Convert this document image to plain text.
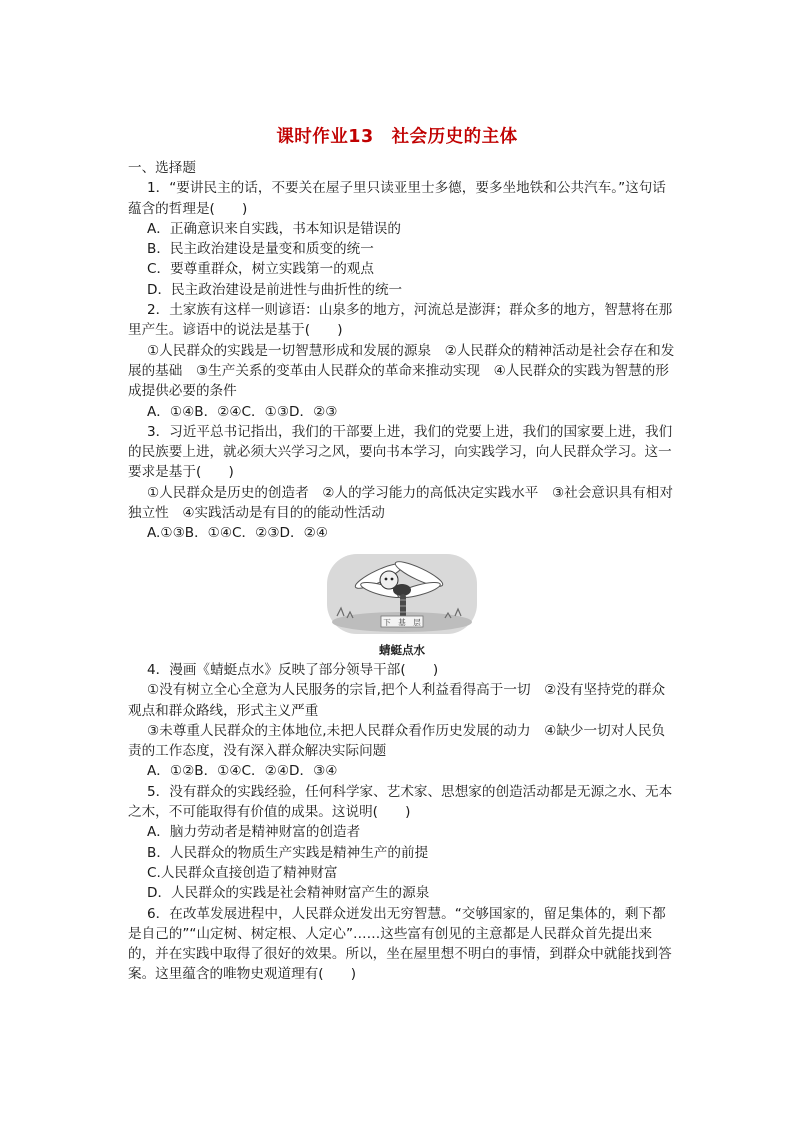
课时作业13 社会历史的主体

一、选择题

1．“要讲民主的话，不要关在屋子里只读亚里士多德，要多坐地铁和公共汽车。”这句话蕴含的哲理是(　　)

A．正确意识来自实践，书本知识是错误的

B．民主政治建设是量变和质变的统一

C．要尊重群众，树立实践第一的观点

D．民主政治建设是前进性与曲折性的统一

2．土家族有这样一则谚语：山泉多的地方，河流总是澎湃；群众多的地方，智慧将在那里产生。谚语中的说法是基于(　　)

①人民群众的实践是一切智慧形成和发展的源泉　②人民群众的精神活动是社会存在和发展的基础　③生产关系的变革由人民群众的革命来推动实现　④人民群众的实践为智慧的形成提供必要的条件

A．①④B．②④C．①③D．②③

3．习近平总书记指出，我们的干部要上进，我们的党要上进，我们的国家要上进，我们的民族要上进，就必须大兴学习之风，要向书本学习，向实践学习，向人民群众学习。这一要求是基于(　　)

①人民群众是历史的创造者　②人的学习能力的高低决定实践水平　③社会意识具有相对独立性　④实践活动是有目的的能动性活动

A.①③B．①④C．②③D．②④

下　基　层

蜻蜓点水

4．漫画《蜻蜓点水》反映了部分领导干部(　　)

①没有树立全心全意为人民服务的宗旨,把个人利益看得高于一切　②没有坚持党的群众观点和群众路线，形式主义严重

③未尊重人民群众的主体地位,未把人民群众看作历史发展的动力　④缺少一切对人民负责的工作态度，没有深入群众解决实际问题

A．①②B．①④C．②④D．③④

5．没有群众的实践经验，任何科学家、艺术家、思想家的创造活动都是无源之水、无本之木，不可能取得有价值的成果。这说明(　　)

A．脑力劳动者是精神财富的创造者

B．人民群众的物质生产实践是精神生产的前提

C.人民群众直接创造了精神财富

D．人民群众的实践是社会精神财富产生的源泉

6．在改革发展进程中，人民群众迸发出无穷智慧。“交够国家的，留足集体的，剩下都是自己的”“山定树、树定根、人定心”……这些富有创见的主意都是人民群众首先提出来的，并在实践中取得了很好的效果。所以，坐在屋里想不明白的事情，到群众中就能找到答案。这里蕴含的唯物史观道理有(　　)
